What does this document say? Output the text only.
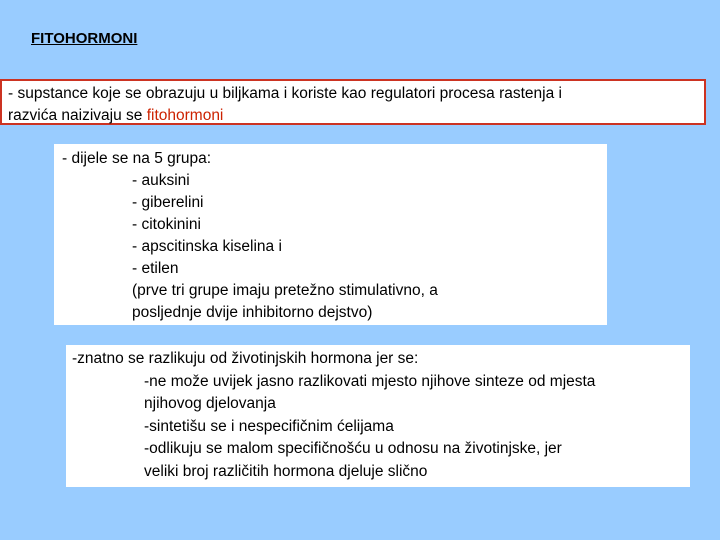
FITOHORMONI
- supstance koje se obrazuju u biljkama i koriste kao regulatori procesa rastenja i
razvića naizivaju se fitohormoni
- dijele se na 5 grupa:
- auksini
- giberelini
- citokinini
- apscitinska kiselina i
- etilen
(prve tri grupe imaju pretežno stimulativno, a
posljednje dvije inhibitorno dejstvo)
-znatno se razlikuju od životinjskih hormona jer se:
-ne može uvijek jasno razlikovati mjesto njihove sinteze od mjesta
njihovog djelovanja
-sintetišu se i nespecifičnim ćelijama
-odlikuju se malom specifičnošću u odnosu na životinjske, jer
veliki broj različitih hormona djeluje slično
